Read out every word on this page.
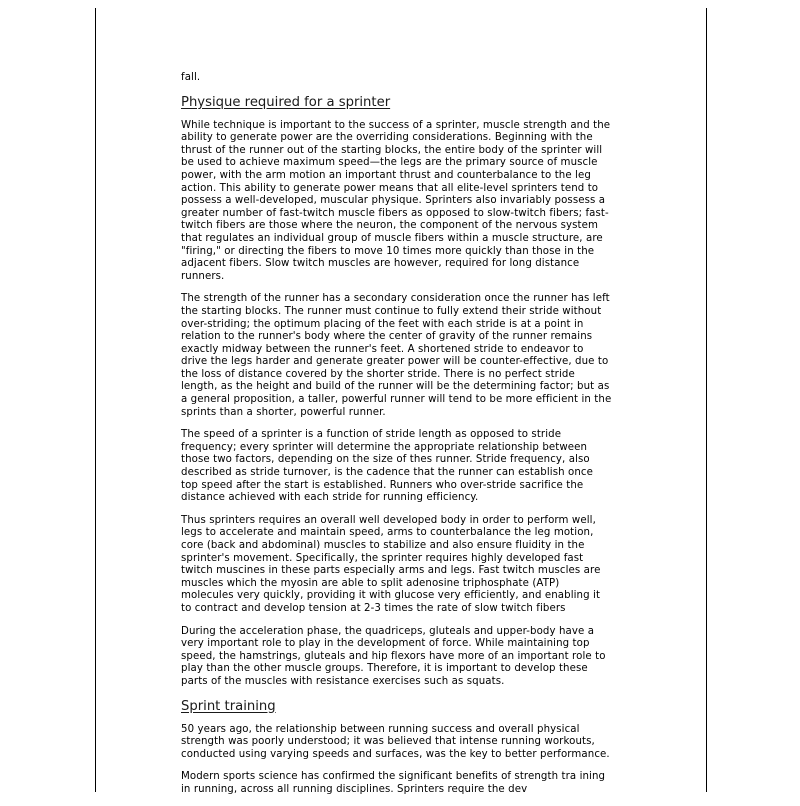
fall.

Physique required for a sprinter

While technique is important to the success of a sprinter, muscle strength and the ability to generate power are the overriding considerations. Beginning with the thrust of the runner out of the starting blocks, the entire body of the sprinter will be used to achieve maximum speed—the legs are the primary source of muscle power, with the arm motion an important thrust and counterbalance to the leg action. This ability to generate power means that all elite-level sprinters tend to possess a well-developed, muscular physique. Sprinters also invariably possess a greater number of fast-twitch muscle fibers as opposed to slow-twitch fibers; fast-twitch fibers are those where the neuron, the component of the nervous system that regulates an individual group of muscle fibers within a muscle structure, are "firing," or directing the fibers to move 10 times more quickly than those in the adjacent fibers. Slow twitch muscles are however, required for long distance runners.

The strength of the runner has a secondary consideration once the runner has left the starting blocks. The runner must continue to fully extend their stride without over-striding; the optimum placing of the feet with each stride is at a point in relation to the runner's body where the center of gravity of the runner remains exactly midway between the runner's feet. A shortened stride to endeavor to drive the legs harder and generate greater power will be counter-effective, due to the loss of distance covered by the shorter stride. There is no perfect stride length, as the height and build of the runner will be the determining factor; but as a general proposition, a taller, powerful runner will tend to be more efficient in the sprints than a shorter, powerful runner.

The speed of a sprinter is a function of stride length as opposed to stride frequency; every sprinter will determine the appropriate relationship between those two factors, depending on the size of thes runner. Stride frequency, also described as stride turnover, is the cadence that the runner can establish once top speed after the start is established. Runners who over-stride sacrifice the distance achieved with each stride for running efficiency.

Thus sprinters requires an overall well developed body in order to perform well, legs to accelerate and maintain speed, arms to counterbalance the leg motion, core (back and abdominal) muscles to stabilize and also ensure fluidity in the sprinter's movement. Specifically, the sprinter requires highly developed fast twitch muscines in these parts especially arms and legs. Fast twitch muscles are muscles which the myosin are able to split adenosine triphosphate (ATP) molecules very quickly, providing it with glucose very efficiently, and enabling it to contract and develop tension at 2-3 times the rate of slow twitch fibers

During the acceleration phase, the quadriceps, gluteals and upper-body have a very important role to play in the development of force. While maintaining top speed, the hamstrings, gluteals and hip flexors have more of an important role to play than the other muscle groups. Therefore, it is important to develop these parts of the muscles with resistance exercises such as squats.

Sprint training

50 years ago, the relationship between running success and overall physical strength was poorly understood; it was believed that intense running workouts, conducted using varying speeds and surfaces, was the key to better performance.

Modern sports science has confirmed the significant benefits of strength tra ining in running, across all running disciplines. Sprinters require the dev
